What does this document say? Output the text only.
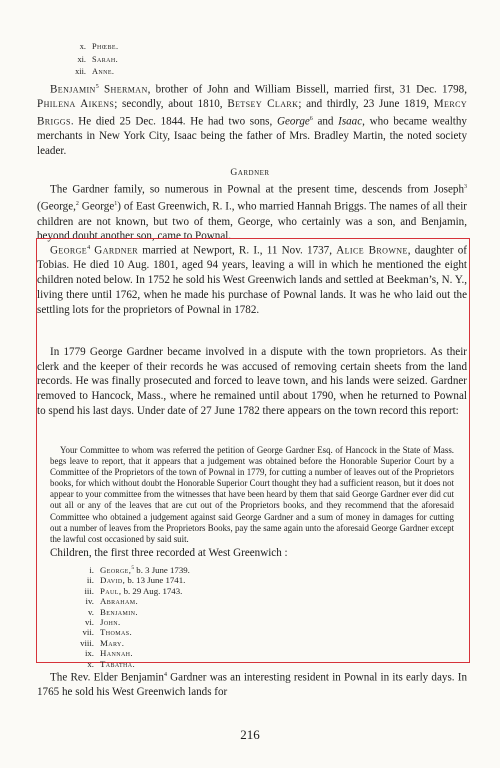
x. Phœbe.
xi. Sarah.
xii. Anne.

Benjamin$^5$ Sherman, brother of John and William Bissell, married first, 31 Dec. 1798, Philena Aikens; secondly, about 1810, Betsey Clark; and thirdly, 23 June 1819, Mercy Briggs. He died 25 Dec. 1844. He had two sons, George$^6$ and Isaac, who became wealthy merchants in New York City, Isaac being the father of Mrs. Bradley Martin, the noted society leader.

Gardner

The Gardner family, so numerous in Pownal at the present time, descends from Joseph$^3$ (George,$^2$ George$^1$) of East Greenwich, R. I., who married Hannah Briggs. The names of all their children are not known, but two of them, George, who certainly was a son, and Benjamin, beyond doubt another son, came to Pownal.

George$^4$ Gardner married at Newport, R. I., 11 Nov. 1737, Alice Browne, daughter of Tobias. He died 10 Aug. 1801, aged 94 years, leaving a will in which he mentioned the eight children noted below. In 1752 he sold his West Greenwich lands and settled at Beekman’s, N. Y., living there until 1762, when he made his purchase of Pownal lands. It was he who laid out the settling lots for the proprietors of Pownal in 1782.

In 1779 George Gardner became involved in a dispute with the town proprietors. As their clerk and the keeper of their records he was accused of removing certain sheets from the land records. He was finally prosecuted and forced to leave town, and his lands were seized. Gardner removed to Hancock, Mass., where he remained until about 1790, when he returned to Pownal to spend his last days. Under date of 27 June 1782 there appears on the town record this report:

Your Committee to whom was referred the petition of George Gardner Esq. of Hancock in the State of Mass. begs leave to report, that it appears that a judgement was obtained before the Honorable Superior Court by a Committee of the Proprietors of the town of Pownal in 1779, for cutting a number of leaves out of the Proprietors books, for which without doubt the Honorable Superior Court thought they had a sufficient reason, but it does not appear to your committee from the witnesses that have been heard by them that said George Gardner ever did cut out all or any of the leaves that are cut out of the Proprietors books, and they recommend that the aforesaid Committee who obtained a judgement against said George Gardner and a sum of money in damages for cutting out a number of leaves from the Proprietors Books, pay the same again unto the aforesaid George Gardner except the lawful cost occasioned by said suit.

Children, the first three recorded at West Greenwich :

i. George,$^5$ b. 3 June 1739.
ii. David, b. 13 June 1741.
iii. Paul, b. 29 Aug. 1743.
iv. Abraham.
v. Benjamin.
vi. John.
vii. Thomas.
viii. Mary.
ix. Hannah.
x. Tabatha.

The Rev. Elder Benjamin$^4$ Gardner was an interesting resident in Pownal in its early days. In 1765 he sold his West Greenwich lands for

216
